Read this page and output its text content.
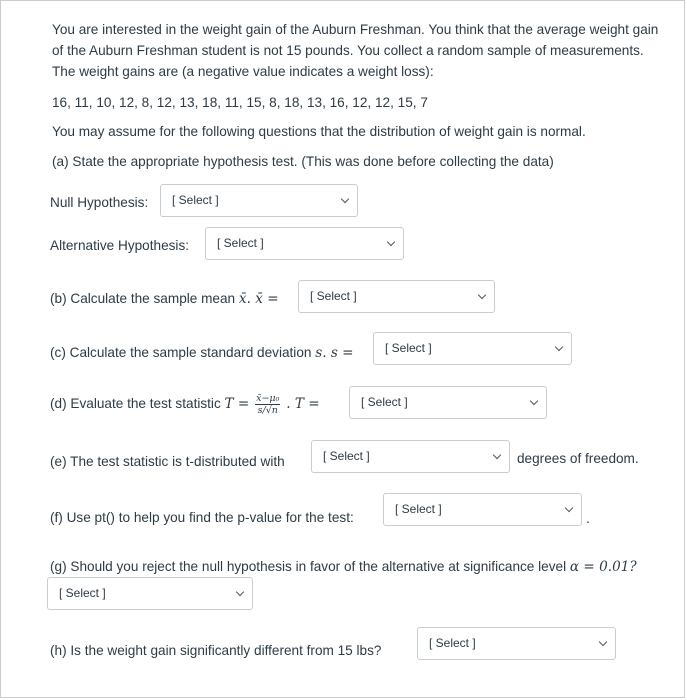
You are interested in the weight gain of the Auburn Freshman. You think that the average weight gain of the Auburn Freshman student is not 15 pounds. You collect a random sample of measurements. The weight gains are (a negative value indicates a weight loss):

16, 11, 10, 12, 8, 12, 13, 18, 11, 15, 8, 18, 13, 16, 12, 12, 15, 7

You may assume for the following questions that the distribution of weight gain is normal.

(a) State the appropriate hypothesis test. (This was done before collecting the data)

Null Hypothesis: [ Select ]
Alternative Hypothesis: [ Select ]
(b) Calculate the sample mean x̄. x̄ =	[ Select ]
(c) Calculate the sample standard deviation s. s =	[ Select ]
(d) Evaluate the test statistic $T = \frac{\text{x̄−μ₀}}{s/√n}$ . T =	[ Select ]
(e) The test statistic is t-distributed with	[ Select ]	degrees of freedom.
(f) Use pt() to help you find the p-value for the test:
[ Select ]
.
(g) Should you reject the null hypothesis in favor of the alternative at significance level α = 0.01?
[ Select ]
(h) Is the weight gain significantly different from 15 lbs?	[ Select ]
